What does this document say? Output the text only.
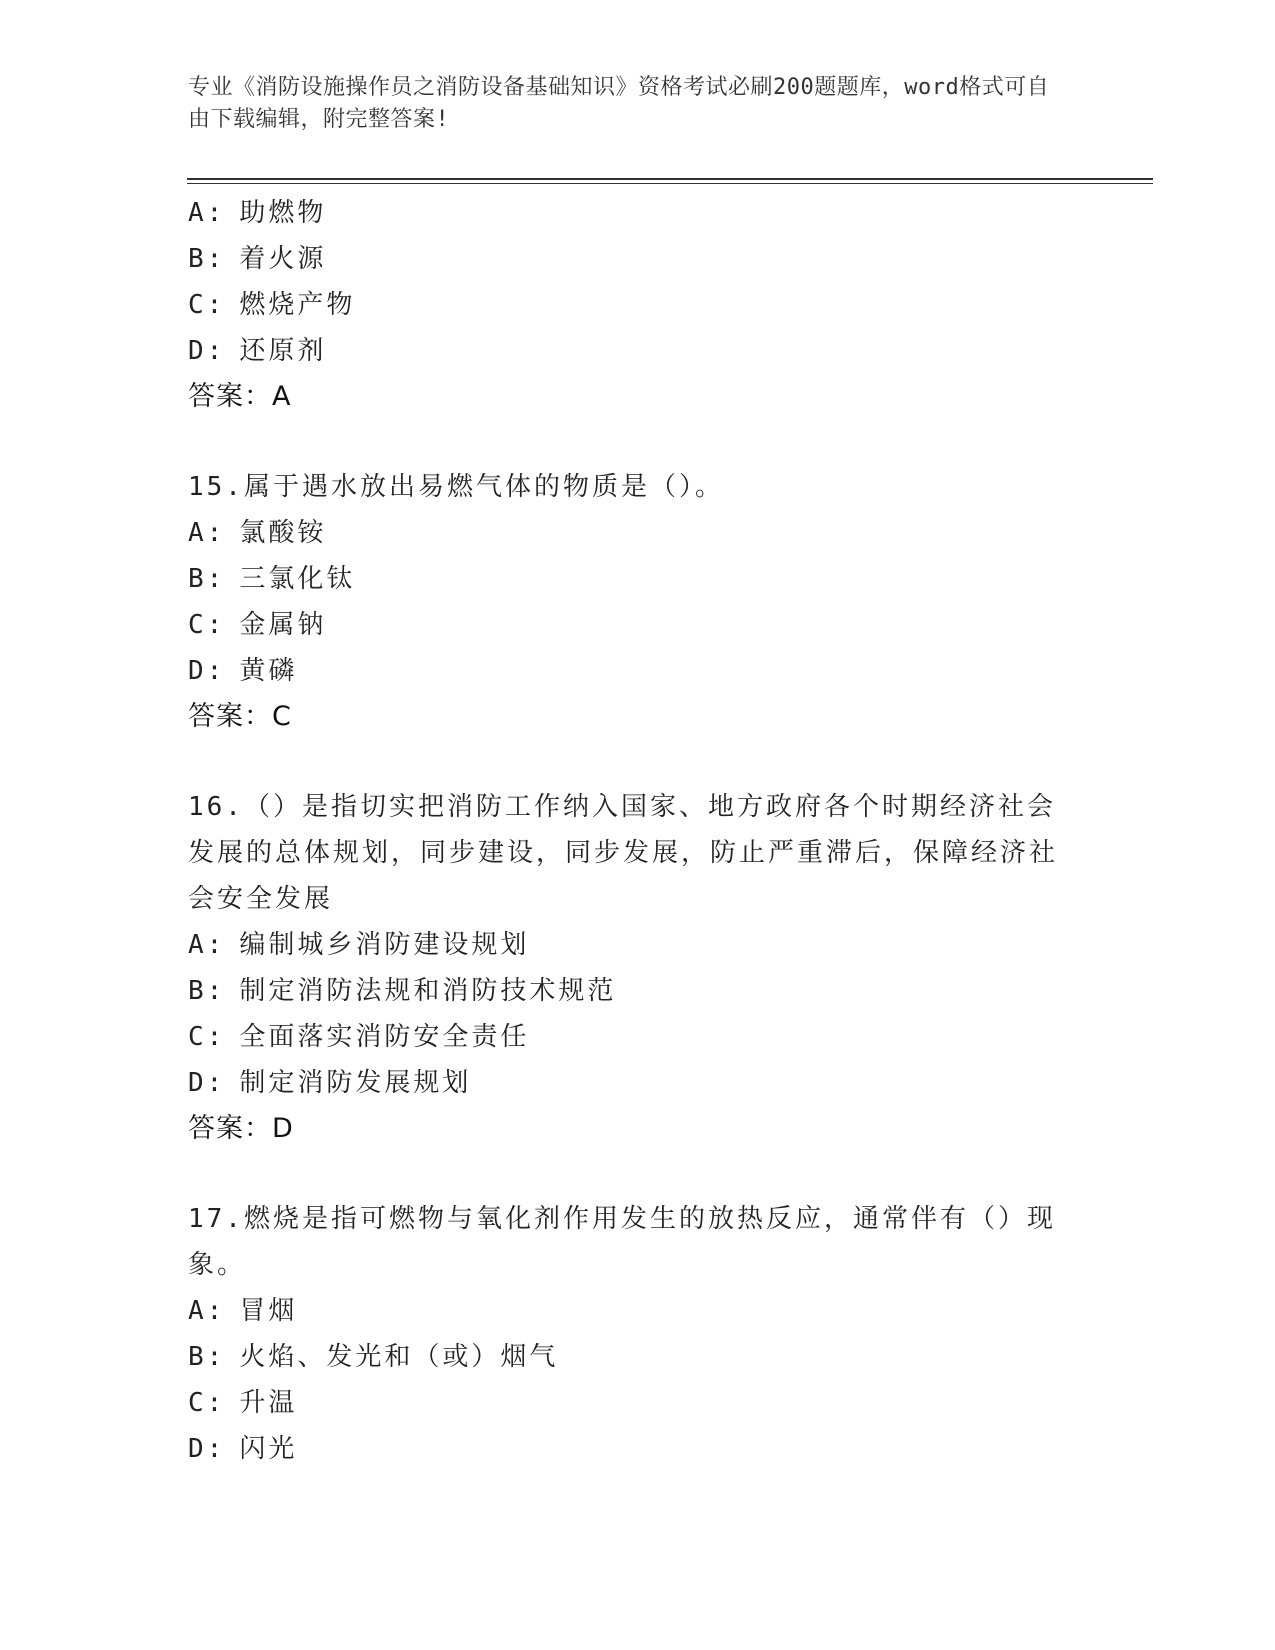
专业《消防设施操作员之消防设备基础知识》资格考试必刷200题题库，word格式可自由下载编辑，附完整答案!
A: 助燃物
B: 着火源
C: 燃烧产物
D: 还原剂
答案：A
15.属于遇水放出易燃气体的物质是（）。
A: 氯酸铵
B: 三氯化钛
C: 金属钠
D: 黄磷
答案：C
16.（）是指切实把消防工作纳入国家、地方政府各个时期经济社会发展的总体规划，同步建设，同步发展，防止严重滞后，保障经济社会安全发展
A: 编制城乡消防建设规划
B: 制定消防法规和消防技术规范
C: 全面落实消防安全责任
D: 制定消防发展规划
答案：D
17.燃烧是指可燃物与氧化剂作用发生的放热反应，通常伴有（）现象。
A: 冒烟
B: 火焰、发光和（或）烟气
C: 升温
D: 闪光
